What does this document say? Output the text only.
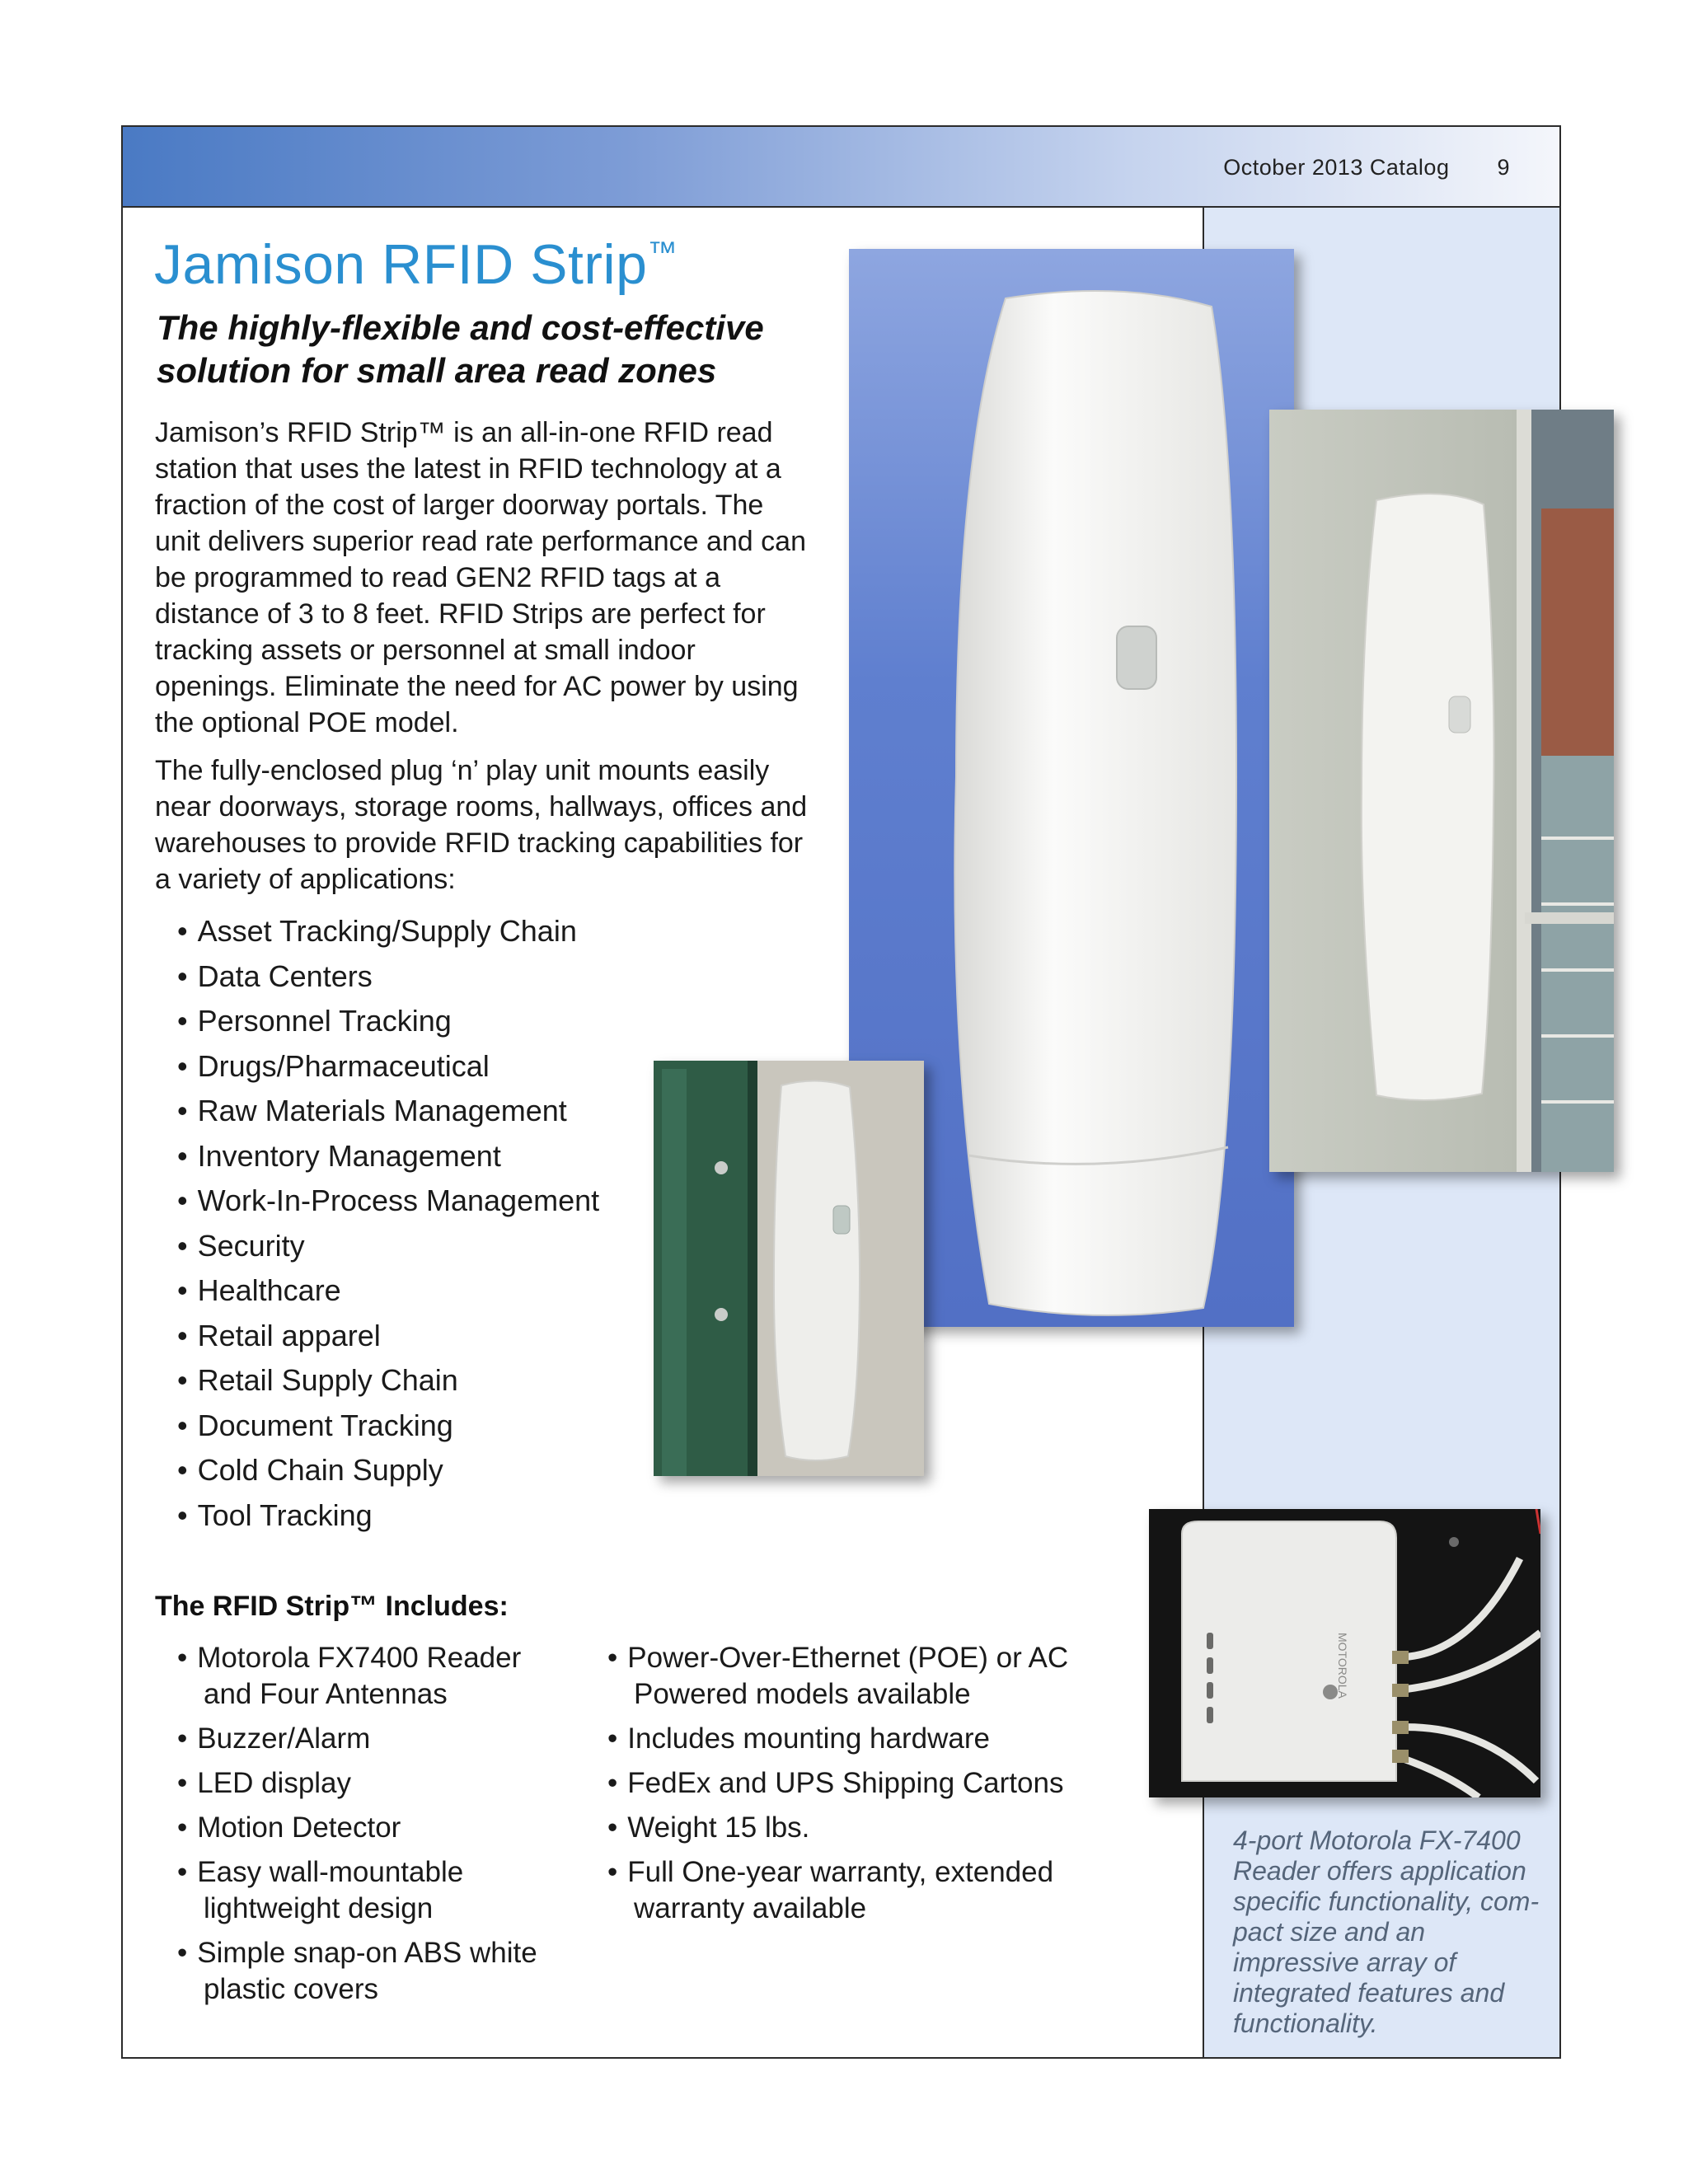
October 2013 Catalog 9
Jamison RFID Strip™
The highly-flexible and cost-effective
solution for small area read zones

Jamison’s RFID Strip™ is an all-in-one RFID read station that uses the latest in RFID technology at a fraction of the cost of larger doorway portals. The unit delivers superior read rate performance and can be programmed to read GEN2 RFID tags at a distance of 3 to 8 feet. RFID Strips are perfect for tracking assets or personnel at small indoor openings. Eliminate the need for AC power by using the optional POE model.

The fully-enclosed plug ‘n’ play unit mounts easily near doorways, storage rooms, hallways, offices and warehouses to provide RFID tracking capabilities for a variety of applications:

• Asset Tracking/Supply Chain
• Data Centers
• Personnel Tracking
• Drugs/Pharmaceutical
• Raw Materials Management
• Inventory Management
• Work-In-Process Management
• Security
• Healthcare
• Retail apparel
• Retail Supply Chain
• Document Tracking
• Cold Chain Supply
• Tool Tracking
The RFID Strip™ Includes:
• Motorola FX7400 Reader and Four Antennas
• Buzzer/Alarm
• LED display
• Motion Detector
• Easy wall-mountable lightweight design
• Simple snap-on ABS white plastic covers
• Power-Over-Ethernet (POE) or AC Powered models available
• Includes mounting hardware
• FedEx and UPS Shipping Cartons
• Weight 15 lbs.
• Full One-year warranty, extended warranty available
MOTOROLA

4-port Motorola FX-7400 Reader offers application specific functionality, com-pact size and an impressive array of integrated features and functionality.
